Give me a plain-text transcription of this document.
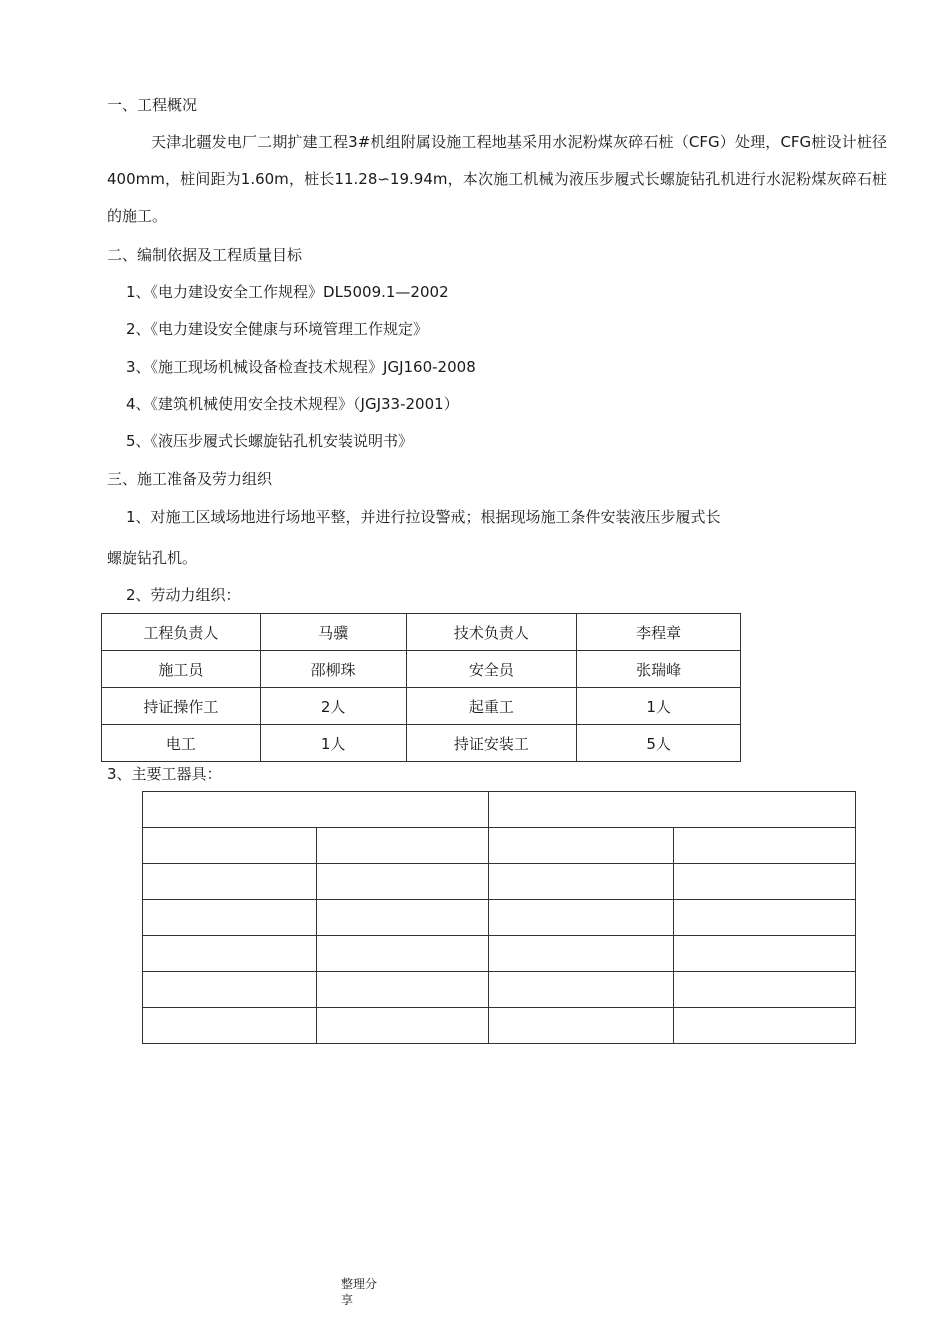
一、工程概况
天津北疆发电厂二期扩建工程3#机组附属设施工程地基采用水泥粉煤灰碎石桩（CFG）处理，CFG桩设计桩径400mm，桩间距为1.60m，桩长11.28∽19.94m，本次施工机械为液压步履式长螺旋钻孔机进行水泥粉煤灰碎石桩的施工。
二、编制依据及工程质量目标
1、《电力建设安全工作规程》DL5009.1—2002
2、《电力建设安全健康与环境管理工作规定》
3、《施工现场机械设备检查技术规程》JGJ160-2008
4、《建筑机械使用安全技术规程》（JGJ33-2001）
5、《液压步履式长螺旋钻孔机安装说明书》
三、施工准备及劳力组织
1、对施工区域场地进行场地平整，并进行拉设警戒；根据现场施工条件安装液压步履式长
螺旋钻孔机。
2、劳动力组织：
工程负责人	马骥	技术负责人	李程章
施工员	邵柳珠	安全员	张瑞峰
持证操作工	2人	起重工	1人
电工	1人	持证安装工	5人
3、主要工器具：

整理分享
